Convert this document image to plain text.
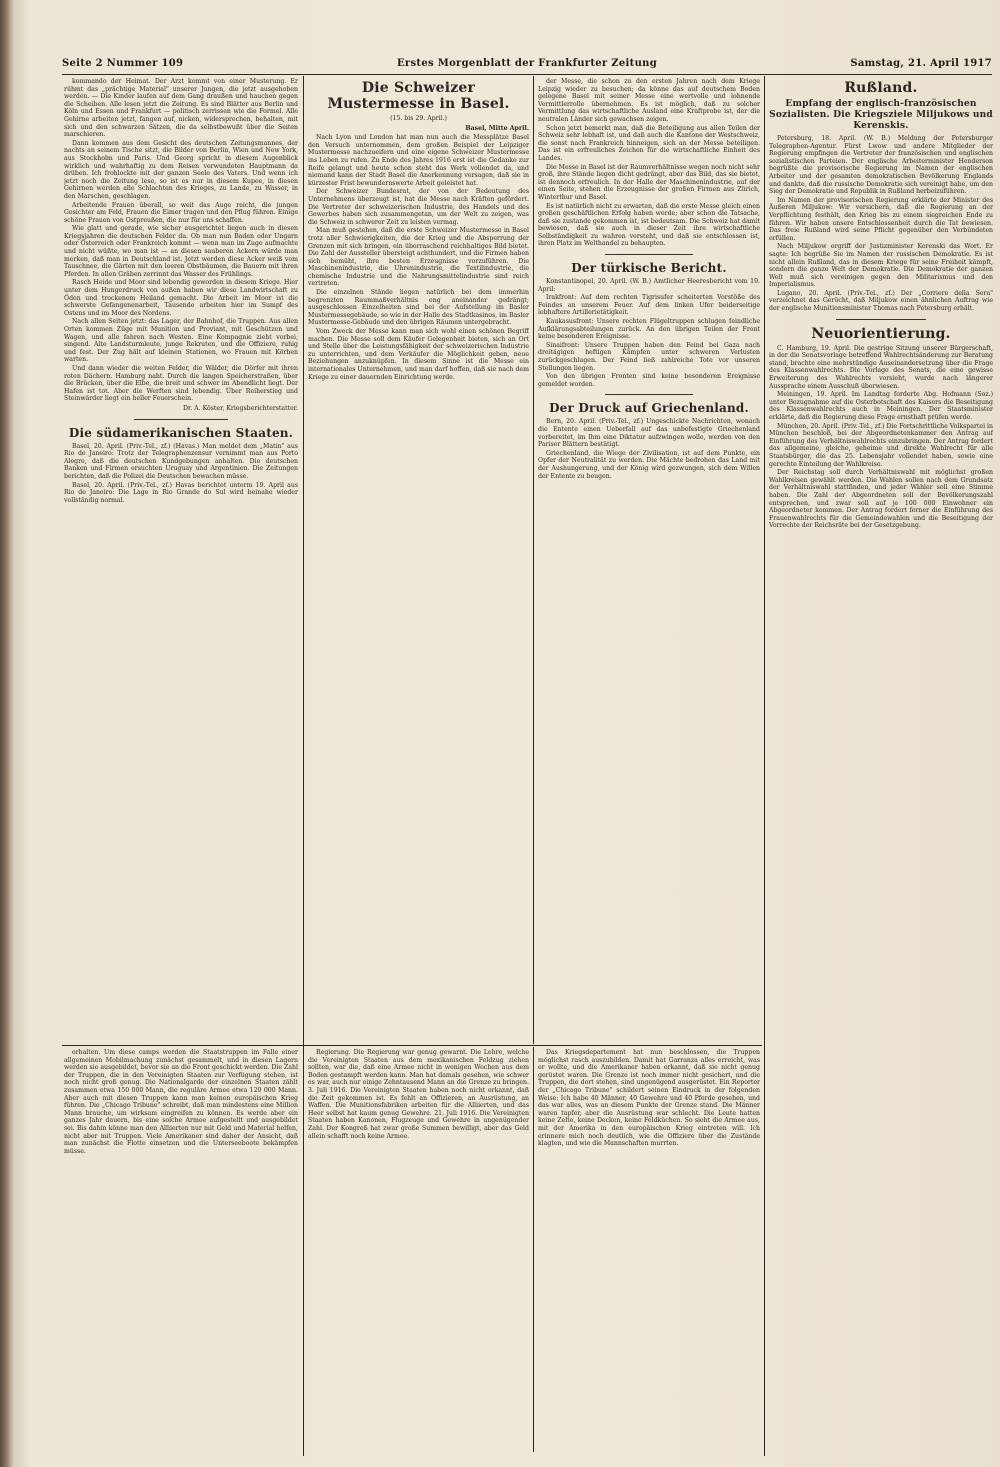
Seite 2 Nummer 109	Erstes Morgenblatt der Frankfurter Zeitung	Samstag, 21. April 1917

kommando der Heimat. Der Arzt kommt von einer Musterung. Er rühmt das „prächtige Material" unserer Jungen, die jetzt ausgehoben werden. — Die Kinder laufen auf dem Gang draußen und hauchen gegen die Scheiben. Alle lesen jetzt die Zeitung. Es sind Blätter aus Berlin und Köln und Essen und Frankfurt — politisch zerrissen wie die Formel. Alle Gehirne arbeiten jetzt, fangen auf, nicken, widersprechen, behalten, mit sich und den schwarzen Sätzen, die da selbstbewußt über die Seiten marschieren.

Dann kommen aus dem Gesicht des deutschen Zeitungsmannes, der nachts an seinem Tische sitzt, die Bilder von Berlin, Wien und New York, aus Stockholm und Paris. Und Georg spricht in diesem Augenblick wirklich und wahrhaftig zu dem Reisen verwundeten Hauptmann da drüben. Ich frohlockte mit der ganzen Seele des Vaters. Und wenn ich jetzt noch die Zeitung lese, so ist es nur in diesem Kupee, in diesen Gehirnen werden alle Schlachten des Krieges, zu Lande, zu Wasser, in den Marschen, geschlagen.

Arbeitende Frauen überall, so weit das Auge reicht, die jungen Gesichter am Feld, Frauen die Eimer tragen und den Pflug führen. Einige schöne Frauen von Ostpreußen, die nur für uns schaffen.

Wie glatt und gerade, wie sicher ausgerichtet liegen auch in diesen Kriegsjahren die deutschen Felder da. Ob man nun Baden oder Ungarn oder Österreich oder Frankreich kommt — wenn man im Zuge aufmachte und nicht wüßte, wo man ist — an diesen sauberen Ackern würde man merken, daß man in Deutschland ist. Jetzt werden diese Acker weiß vom Tauschnee, die Gärten mit den leeren Obstbäumen, die Bauern mit ihren Pferden. In allen Gräben zerrinnt das Wasser des Frühlings.

Rasch Heide und Moor sind lebendig geworden in diesem Kriege. Hier unter dem Hungerdruck von außen haben wir diese Landwirtschaft zu Öden und trockenem Heiland gemacht. Die Arbeit im Moor ist die schwerste Gefangenenarbeit, Tausende arbeiten hier im Sumpf des Ostens und im Moor des Nordens.

Nach allen Seiten jetzt: das Lager, der Bahnhof, die Truppen. Aus allen Orten kommen Züge mit Munition und Proviant, mit Geschützen und Wagen, und alle fahren nach Westen. Eine Kompagnie zieht vorbei, singend. Alte Landsturmleute, junge Rekruten, und die Offiziere, ruhig und fest. Der Zug hält auf kleinen Stationen, wo Frauen mit Körben warten.

Und dann wieder die weiten Felder, die Wälder, die Dörfer mit ihren roten Dächern. Hamburg naht. Durch die langen Speicherstraßen, über die Brücken, über die Elbe, die breit und schwer im Abendlicht liegt. Der Hafen ist tot. Aber die Werften sind lebendig. Über Reiherstieg und Steinwärder liegt ein heller Feuerschein.

Dr. A. Köster, Kriegsberichterstatter.
Die südamerikanischen Staaten.

Basel, 20. April. (Priv.-Tel., zf.) (Havas.) Man meldet dem „Matin" aus Rio de Janeiro: Trotz der Telegraphenzensur vernimmt man aus Porto Alegre, daß die deutschen Kundgebungen anhalten. Die deutschen Banken und Firmen ersuchten Uruguay und Argentinien. Die Zeitungen berichten, daß die Polizei die Deutschen bewachen müsse.

Basel, 20. April. (Priv.-Tel., zf.) Havas berichtet unterm 19. April aus Rio de Janeiro: Die Lage in Rio Grande do Sul wird beinahe wieder vollständig normal.

Die Schweizer Mustermesse in Basel.
(15. bis 29. April.)
Basel, Mitte April.

Nach Lyon und London hat man nun auch die Messplätze Basel den Versuch unternommen, dem großen Beispiel der Leipziger Mustermesse nachzueifern und eine eigene Schweizer Mustermesse ins Leben zu rufen. Zu Ende des Jahres 1916 erst ist die Gedanke zur Reife gelangt und heute schon steht das Werk vollendet da, und niemand kann der Stadt Basel die Anerkennung versagen, daß sie in kürzester Frist bewundernswerte Arbeit geleistet hat.

Der Schweizer Bundesrat, der von der Bedeutung des Unternehmens überzeugt ist, hat die Messe nach Kräften gefördert. Die Vertreter der schweizerischen Industrie, des Handels und des Gewerbes haben sich zusammengetan, um der Welt zu zeigen, was die Schweiz in schwerer Zeit zu leisten vermag.

Man muß gestehen, daß die erste Schweizer Mustermesse in Basel trotz aller Schwierigkeiten, die der Krieg und die Absperrung der Grenzen mit sich bringen, ein überraschend reichhaltiges Bild bietet. Die Zahl der Aussteller übersteigt achthundert, und die Firmen haben sich bemüht, ihre besten Erzeugnisse vorzuführen. Die Maschinenindustrie, die Uhrenindustrie, die Textilindustrie, die chemische Industrie und die Nahrungsmittelindustrie sind reich vertreten.

Die einzelnen Stände liegen natürlich bei dem immerhin begrenzten Raummaßverhältnis eng aneinander gedrängt; ausgeschlossen Einzelheiten sind bei der Aufstellung im Basler Mustermessegebäude, so wie in der Halle des Stadtkasinos, im Basler Mustermesse-Gebäude und den übrigen Räumen untergebracht.

Vom Zweck der Messe kann man sich wohl einen schönen Begriff machen. Die Messe soll dem Käufer Gelegenheit bieten, sich an Ort und Stelle über die Leistungsfähigkeit der schweizerischen Industrie zu unterrichten, und dem Verkäufer die Möglichkeit geben, neue Beziehungen anzuknüpfen. In diesem Sinne ist die Messe ein internationales Unternehmen, und man darf hoffen, daß sie nach dem Kriege zu einer dauernden Einrichtung werde.

der Messe, die schon zu den ersten Jahren nach dem Kriege Leipzig wieder zu besuchen; da könne das auf deutschem Boden gelegene Basel mit seiner Messe eine wertvolle und lohnende Vermittlerrolle übernehmen. Es ist möglich, daß zu solcher Vermittlung das wirtschaftliche Ausland eine Kraftprobe ist, der die neutralen Länder sich gewachsen zeigen.

Schon jetzt bemerkt man, daß die Beteiligung aus allen Teilen der Schweiz sehr lebhaft ist, und daß auch die Kantone der Westschweiz, die sonst nach Frankreich hinneigen, sich an der Messe beteiligen. Das ist ein erfreuliches Zeichen für die wirtschaftliche Einheit des Landes.

Die Messe in Basel ist der Raumverhältnisse wegen noch nicht sehr groß, ihre Stände liegen dicht gedrängt, aber das Bild, das sie bietet, ist dennoch erfreulich. In der Halle der Maschinenindustrie, auf der einen Seite, stehen die Erzeugnisse der großen Firmen aus Zürich, Winterthur und Basel.

Es ist natürlich nicht zu erwarten, daß die erste Messe gleich einen großen geschäftlichen Erfolg haben werde; aber schon die Tatsache, daß sie zustande gekommen ist, ist bedeutsam. Die Schweiz hat damit bewiesen, daß sie auch in dieser Zeit ihre wirtschaftliche Selbständigkeit zu wahren versteht, und daß sie entschlossen ist, ihren Platz im Welthandel zu behaupten.

Der türkische Bericht.

Konstantinopel, 20. April. (W. B.) Amtlicher Heeresbericht vom 19. April:

Irakfront: Auf dem rechten Tigrisufer scheiterten Vorstöße des Feindes an unserem Feuer. Auf dem linken Ufer beiderseitige lebhaftere Artillerietätigkeit.

Kaukasusfront: Unsere rechten Flügeltruppen schlugen feindliche Aufklärungsabteilungen zurück. An den übrigen Teilen der Front keine besonderen Ereignisse.

Sinaifront: Unsere Truppen haben den Feind bei Gaza nach dreitägigen heftigen Kämpfen unter schweren Verlusten zurückgeschlagen. Der Feind ließ zahlreiche Tote vor unseren Stellungen liegen.

Von den übrigen Fronten sind keine besonderen Ereignisse gemeldet worden.

Der Druck auf Griechenland.

Bern, 20. April. (Priv.-Tel., zf.) Ungeschickte Nachrichten, wonach die Entente einen Ueberfall auf das unbefestigte Griechenland vorbereitet, im Ihm eine Diktatur aufzwingen wolle, werden von den Pariser Blättern bestätigt.

Griechenland, die Wiege der Zivilisation, ist auf dem Punkte, ein Opfer der Neutralität zu werden. Die Mächte bedrohen das Land mit der Aushungerung, und der König wird gezwungen, sich dem Willen der Entente zu beugen.

Rußland.
Empfang der englisch-französischen Sozialisten. Die Kriegsziele Miljukows und Kerenskis.

Petersburg, 18. April. (W. B.) Meldung der Petersburger Telegraphen-Agentur. Fürst Lwow und andere Mitglieder der Regierung empfingen die Vertreter der französischen und englischen sozialistischen Parteien. Der englische Arbeiterminister Henderson begrüßte die provisorische Regierung im Namen der englischen Arbeiter und der gesamten demokratischen Bevölkerung Englands und dankte, daß die russische Demokratie sich vereinigt habe, um den Sieg der Demokratie und Republik in Rußland herbeizuführen.

Im Namen der provisorischen Regierung erklärte der Minister des Äußeren Miljukow: Wir versichern, daß die Regierung an der Verpflichtung festhält, den Krieg bis zu einem siegreichen Ende zu führen. Wir haben unsere Entschlossenheit durch die Tat bewiesen. Das freie Rußland wird seine Pflicht gegenüber den Verbündeten erfüllen.

Nach Miljukow ergriff der Justizminister Kerenski das Wort. Er sagte: Ich begrüße Sie im Namen der russischen Demokratie. Es ist nicht allein Rußland, das in diesem Kriege für seine Freiheit kämpft, sondern die ganze Welt der Demokratie. Die Demokratie der ganzen Welt muß sich vereinigen gegen den Militarismus und den Imperialismus.

Lugano, 20. April. (Priv.-Tel., zf.) Der „Corriere della Sera" verzeichnet das Gerücht, daß Miljukow einen ähnlichen Auftrag wie der englische Munitionsminister Thomas nach Petersburg erhält.

Neuorientierung.

C. Hamburg, 19. April. Die gestrige Sitzung unserer Bürgerschaft, in der die Senatsvorlage betreffend Wahlrechtsänderung zur Beratung stand, brachte eine mehrstündige Auseinandersetzung über die Frage des Klassenwahlrechts. Die Vorlage des Senats, die eine gewisse Erweiterung des Wahlrechts vorsieht, wurde nach längerer Aussprache einem Ausschuß überwiesen.

Meiningen, 19. April. Im Landtag forderte Abg. Hofmann (Soz.) unter Bezugnahme auf die Osterbotschaft des Kaisers die Beseitigung des Klassenwahlrechts auch in Meiningen. Der Staatsminister erklärte, daß die Regierung diese Frage ernsthaft prüfen werde.

München, 20. April. (Priv.-Tel., zf.) Die Fortschrittliche Volkspartei in München beschloß, bei der Abgeordnetenkammer den Antrag auf Einführung des Verhältniswahlrechts einzubringen. Der Antrag fordert das allgemeine, gleiche, geheime und direkte Wahlrecht für alle Staatsbürger, die das 25. Lebensjahr vollendet haben, sowie eine gerechte Einteilung der Wahlkreise.

Der Reichstag soll durch Verhältniswahl mit möglichst großen Wahlkreisen gewählt werden. Die Wahlen sollen nach dem Grundsatz der Verhältniswahl stattfinden, und jeder Wähler soll eine Stimme haben. Die Zahl der Abgeordneten soll der Bevölkerungszahl entsprechen, und zwar soll auf je 100 000 Einwohner ein Abgeordneter kommen. Der Antrag fordert ferner die Einführung des Frauenwahlrechts für die Gemeindewahlen und die Beseitigung der Vorrechte der Reichsräte bei der Gesetzgebung.

erhalten. Um diese camps werden die Staatstruppen im Falle einer allgemeinen Mobilmachung zunächst gesammelt, und in diesen Lagern werden sie ausgebildet, bevor sie an die Front geschickt werden. Die Zahl der Truppen, die in den Vereinigten Staaten zur Verfügung stehen, ist noch nicht groß genug. Die Nationalgarde der einzelnen Staaten zählt zusammen etwa 150 000 Mann, die reguläre Armee etwa 120 000 Mann. Aber auch mit diesen Truppen kann man keinen europäischen Krieg führen. Die „Chicago Tribune" schreibt, daß man mindestens eine Million Mann brauche, um wirksam eingreifen zu können. Es werde aber ein ganzes Jahr dauern, bis eine solche Armee aufgestellt und ausgebildet sei. Bis dahin könne man den Alliierten nur mit Geld und Material helfen, nicht aber mit Truppen. Viele Amerikaner sind daher der Ansicht, daß man zunächst die Flotte einsetzen und die Unterseeboote bekämpfen müsse.

Regierung. Die Regierung war genug gewarnt. Die Lehre, welche die Vereinigten Staaten aus dem mexikanischen Feldzug ziehen sollten, war die, daß eine Armee nicht in wenigen Wochen aus dem Boden gestampft werden kann. Man hat damals gesehen, wie schwer es war, auch nur einige Zehntausend Mann an die Grenze zu bringen. 3. Juli 1916. Die Vereinigten Staaten haben noch nicht erkannt, daß die Zeit gekommen ist. Es fehlt an Offizieren, an Ausrüstung, an Waffen. Die Munitionsfabriken arbeiten für die Alliierten, und das Heer selbst hat kaum genug Gewehre. 21. Juli 1916. Die Vereinigten Staaten haben Kanonen, Flugzeuge und Gewehre in ungenügender Zahl. Der Kongreß hat zwar große Summen bewilligt, aber das Geld allein schafft noch keine Armee.

Das Kriegsdepartement hat nun beschlossen, die Truppen möglichst rasch auszubilden. Damit hat Garranza alles erreicht, was er wollte, und die Amerikaner haben erkannt, daß sie nicht genug gerüstet waren. Die Grenze ist noch immer nicht gesichert, und die Truppen, die dort stehen, sind ungenügend ausgerüstet. Ein Reporter der „Chicago Tribune" schildert seinen Eindruck in der folgenden Weise: Ich habe 40 Männer, 40 Gewehre und 40 Pferde gesehen, und das war alles, was an diesem Punkte der Grenze stand. Die Männer waren tapfer, aber die Ausrüstung war schlecht. Die Leute hatten keine Zelte, keine Decken, keine Feldküchen. So sieht die Armee aus, mit der Amerika in den europäischen Krieg eintreten will. Ich erinnere mich noch deutlich, wie die Offiziere über die Zustände klagten, und wie die Mannschaften murrten.
